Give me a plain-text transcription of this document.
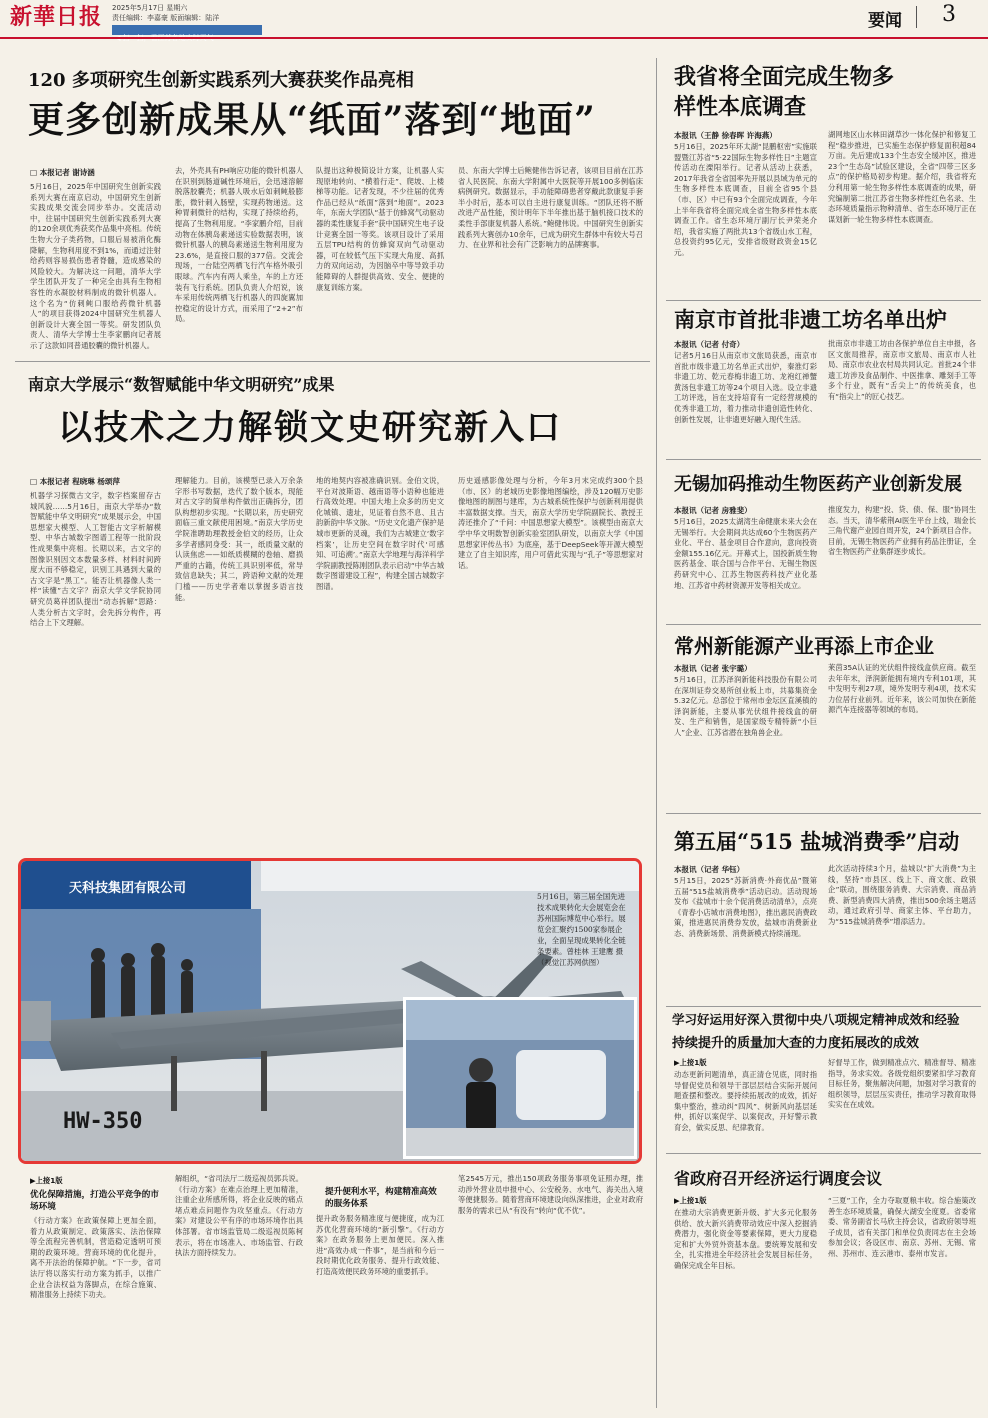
新華日报 2025年5月17日 星期六
责任编辑：李嘉豪 版面编辑：陆洋	要闻 3
120 多项研究生创新实践系列大赛获奖作品亮相
更多创新成果从“纸面”落到“地面”
□ 本报记者 谢诗涵
5月16日，2025年中国研究生创新实践系列大赛在南京启动，中国研究生创新实践成果交流会同步举办。交流活动中，往届中国研究生创新实践系列大赛的120余项优秀获奖作品集中亮相。传统生物大分子类药物，口服后易被消化酶降解，生物利用度不到1%，而通过注射给药则容易损伤患者脊髓，造成感染的风险较大。为解决这一问题，清华大学学生团队开发了一种完全由具有生物相容性的水凝胶材料制成的微针机器人。这个名为“仿刺鲀口服给药微针机器人”的项目获得2024中国研究生机器人创新设计大赛全国一等奖。研发团队负责人、清华大学博士生李家鹏向记者展示了这款如同普通胶囊的微针机器人。
去，外壳具有PH响应功能的微针机器人在识别到肠道碱性环境后，会迅速溶解脱落胶囊壳；机器人吸水后如刺鲀般膨胀，微针刺入肠壁，实现药物递送。这种胃刺微针的结构，实现了持续给药，提高了生物利用度。“李家鹏介绍，目前动物在体胰岛素递送实验数据表明，该微针机器人的胰岛素递送生物利用度为23.6%，是直接口服的377倍。交流会现场，一台陆空两栖飞行汽车格外吸引眼球。汽车内有两人乘坐，车的上方还装有飞行系统。团队负责人介绍说，该车采用传统两栖飞行机器人的四旋翼加控稳定的设计方式，而采用了“2+2”布局。
队提出这种极简设计方案，让机器人实现原地转向、“横着行走”、爬坡、上楼梯等功能。记者发现，不少往届的优秀作品已经从“纸面”落到“地面”。2023年，东南大学团队“基于仿蜂窝气动驱动器的柔性康复手套”获中国研究生电子设计竞赛全国一等奖。该项目设计了采用五层TPU结构的仿蜂窝双向气动驱动器，可在较低气压下实现大角度、高抓力的双向运动，为因脑卒中等导致手功能障碍的人群提供高效、安全、便捷的康复训练方案。
员、东南大学博士后鲍健伟告诉记者，该项目目前在江苏省人民医院、东南大学附属中大医院等开展100多例临床病例研究。数据显示，手功能障碍患者穿戴此款康复手套半小时后，基本可以自主进行康复训练。“团队还将不断改进产品性能，预计明年下半年推出基于脑机接口技术的柔性手部康复机器人系统。”鲍健伟说。中国研究生创新实践系列大赛创办10余年，已成为研究生群体中有较大号召力、在业界和社会有广泛影响力的品牌赛事。
南京大学展示“数智赋能中华文明研究”成果
以技术之力解锁文史研究新入口
□ 本报记者 程晓琳 杨颂萍
机器学习探微古文字，数字档案留存古城风貌……5月16日，南京大学举办“数智赋能中华文明研究”成果展示会，中国思想家大模型、人工智能古文字析解模型、中华古城数字图谱工程等一批阶段性成果集中亮相。长期以来，古文字的图像识别因文本数量多样、材料时间跨度大而不够稳定，识别工具遇到大量的古文字是“黑工”。能否让机器像人类一样“读懂”古文字？南京大学文学院协同研究员葛祥团队提出“动态拆解”思路：人类分析古文字时，会先拆分构件，再结合上下文理解。
理解能力。目前，该模型已录入万余条字形书写数据，迭代了数个版本，现能对古文字的简单构件做出正确拆分，团队构想初步实现。“长期以来，历史研究面临三重文献使用困境。”南京大学历史学院准聘助理教授金伯文的经历，让众多学者感同身受：其一，纸质量文献的认读焦虑——如纸质模糊的卷轴、磨损严重的古籍，传统工具识别率低，常导致信息缺失；其二，跨语种文献的处理门槛——历史学者难以掌握多语言技能。
地的地契内容被准确识别。金伯文说，平台对波斯语、越南语等小语种也能进行高效处理。中国大地上众多的历史文化城镇、遗址，见证着自然不息、且古韵新韵中华文脉。“历史文化遗产保护是城市更新的灵魂，我们为古城建立‘数字档案’，让历史空间在数字时代‘可感知、可追溯’。”南京大学地理与海洋科学学院副教授陈刚团队表示启动“中华古城数字图谱建设工程”，构建全国古城数字图谱。
历史遥感影像处理与分析，今年3月末完成约300个县（市、区）的老城历史影像地图编绘，涉及120幅万史影像地图的制图与建库，为古城系统性保护与创新利用提供丰富数据支撑。当天，南京大学历史学院副院长、教授王涛还推介了“千问：中国思想家大模型”。该模型由南京大学中华文明数智创新实验室团队研发，以南京大学《中国思想家评传丛书》为底座，基于DeepSeek等开源大模型建立了自主知识库，用户可借此实现与“孔子”等思想家对话。
天科技集团有限公司
HW-350
5月16日，第三届全国先进技术成果转化大会展览会在苏州国际博览中心举行。展览会汇聚约1500家参展企业，全面呈现成果转化全链条要素。曾桂林 王建鹰 摄（视觉江苏网供图）
▶上接1版
优化保障措施，打造公平竞争的市场环境
《行动方案》在政策保障上更加全面，着力从政策制定、政策落实、法治保障等全流程完善机制，营造稳定透明可预期的政策环境。营商环境的优化提升，离不开法治的保障护航。“下一步，省司法厅将以落实行动方案为抓手，以推广企业合法权益为落脚点，在综合施策、精准服务上持续下功夫。
解组织，“省司法厅二级巡视员郭兵说。《行动方案》在难点治理上更加精准，注重企业所感所得，将企业反映的痛点堵点难点问题作为攻坚重点。《行动方案》对建设公平有序的市场环境作出具体部署。省市场监管局二级巡视员陈柯表示，将在市场准入、市场监管、行政执法方面持续发力。
提升便利水平，构建精准高效的服务体系
提升政务服务精准度与便捷度，成为江苏优化营商环境的“新引擎”。《行动方案》在政务服务上更加便民。深入推进“高效办成一件事”，是当前和今后一段时期优化政务服务、提升行政效能、打造高效便民政务环境的重要抓手。
笔2545万元，推出150项政务服务事项免证照办理，推动涉外营业员申报中心、公安税务、水电气、海关出入境等便捷服务。随着营商环境建设向纵深推进，企业对政府服务的需求已从“有没有”转向“优不优”。
我省将全面完成生物多样性本底调查
本报讯（王静 徐春晖 许海燕）
5月16日，2025年环太湖“昆鹏枢密”实施联盟暨江苏省“5·22国际生物多样性日”主题宣传活动在溧阳举行。记者从活动上获悉，2017年我省全省国率先开展以县域为单元的生物多样性本底调查，目前全省95个县（市、区）中已有93个全面完成调查，今年上半年我省将全面完成全省生物多样性本底调查工作。省生态环境厅副厅长尹荣尧介绍，我省实施了两批共13个省级山水工程，总投资约95亿元，安排省级财政资金15亿元。
湖网地区山水林田湖草沙一体化保护和修复工程“稳步推进，已实施生态保护修复面积超84万亩。先后建成133个生态安全缓冲区，推进23个“生态岛”试验区建设，全省“四带三区多点”的保护格局初步构建。据介绍，我省将充分利用第一轮生物多样性本底调查的成果，研究编制第二批江苏省生物多样性红色名录、生态环境质量指示物种清单、省生态环境厅正在谋划新一轮生物多样性本底调查。
南京市首批非遗工坊名单出炉
本报讯（记者 付奇）
记者5月16日从南京市文旅局获悉，南京市首批市级非遗工坊名单正式出炉，秦淮灯彩非遗工坊、乾元春梅非遗工坊、龙袍红禅蟹黄汤包非遗工坊等24个项目入选。设立非遗工坊评选，旨在支持培育有一定经营规模的优秀非遗工坊，着力推动非遗创造性转化、创新性发展，让非遗更好融入现代生活。
批南京市非遗工坊由各保护单位自主申报，各区文旅局推荐，南京市文旅局、南京市人社局、南京市农业农村局共同认定。首批24个非遗工坊涉及食品制作、中医推拿、雕刻手工等多个行业，既有“舌尖上”的传统美食，也有“指尖上”的匠心技艺。
无锡加码推动生物医药产业创新发展
本报讯（记者 房雅斐）
5月16日，2025太湖湾生命健康未来大会在无锡举行。大会期间共达成60个生物医药产业化、平台、基金项目合作意向，意向投资金额155.16亿元。开幕式上，国投新质生物医药基金、联合国与合作平台、无锡生物医药研究中心、江苏生物医药科技产业化基地、江苏省中药材资源开发等相关成立。
推度发力，构建“投、贷、债、保、服”协同生态。当天，清华紫荆AI医生平台上线，瑞金长三角代谢产业园自周开发，24个新项目合作。目前，无锡生物医药产业拥有药品注册证，全省生物医药产业集群逐步成长。
常州新能源产业再添上市企业
本报讯（记者 张宇璐）
5月16日，江苏泽润新能科技股份有限公司在深圳证券交易所创业板上市，共募集资金5.32亿元。总部位于常州市金坛区直溪镇的泽润新能，主要从事光伏组件接线盒的研发、生产和销售，是国家级专精特新“小巨人”企业、江苏省潜在独角兽企业。
莱茵35A认证的光伏组件接线盒供应商。截至去年年末，泽润新能拥有境内专利101项，其中发明专利27项，境外发明专利4项，技术实力位居行业前列。近年来，该公司加快在新能源汽车连接器等领域的布局。
第五届“515 盐城消费季”启动
本报讯（记者 华钰）
5月15日，2025“苏新消费·外商优品”暨第五届“515盐城消费季”活动启动。活动现场发布《盐城市十余个促消费活动清单》，点亮《青春小店城市消费地图》，推出惠民消费政策，推进惠民消费券发放，盐城市消费新业态、消费新场景、消费新模式持续涌现。
此次活动持续3个月，盐城以“扩大消费”为主线，坚持“市县区、线上下、商文旅、政银企”联动，围绕服务消费、大宗消费、商品消费、新型消费四大消费，推出500余场主题活动，通过政府引导、商家主体、平台助力，为“515盐城消费季”增添活力。
学习好运用好深入贯彻中央八项规定精神成效和经验
持续提升的质量加大查的力度拓展改的成效
▶上接1版
动态更新问题清单，真正清仓见底，同时指导督促党员和领导干部层层结合实际开展问题查摆和整改。要持续拓展改的成效，抓好集中整治，推动纠“四风”、树新风向基层延伸，抓好以案促学、以案促改，开好警示教育会，做实反思、纪律教育。
好督导工作，做到精准点穴、精准督导、精准指导，务求实效。各级党组织要紧扣学习教育目标任务，聚焦解决问题，加强对学习教育的组织领导，层层压实责任，推动学习教育取得实实在在成效。
省政府召开经济运行调度会议
▶上接1版
在推动大宗消费更新升级、扩大多元化服务供给、放大新兴消费带动效应中深入挖掘消费潜力，强化资金等要素保障，更大力度稳定和扩大外贸外资基本盘。要统筹发展和安全，扎实推进全年经济社会发展目标任务，确保完成全年目标。
“三夏”工作，全力夺取夏粮丰收。综合施策改善生态环境质量，确保大湖安全度夏。省委常委、常务副省长马欣主持会议，省政府领导班子成员，省有关部门和单位负责同志在主会场参加会议；各设区市、南京、苏州、无锡、常州、苏州市、连云港市、泰州市发言。
